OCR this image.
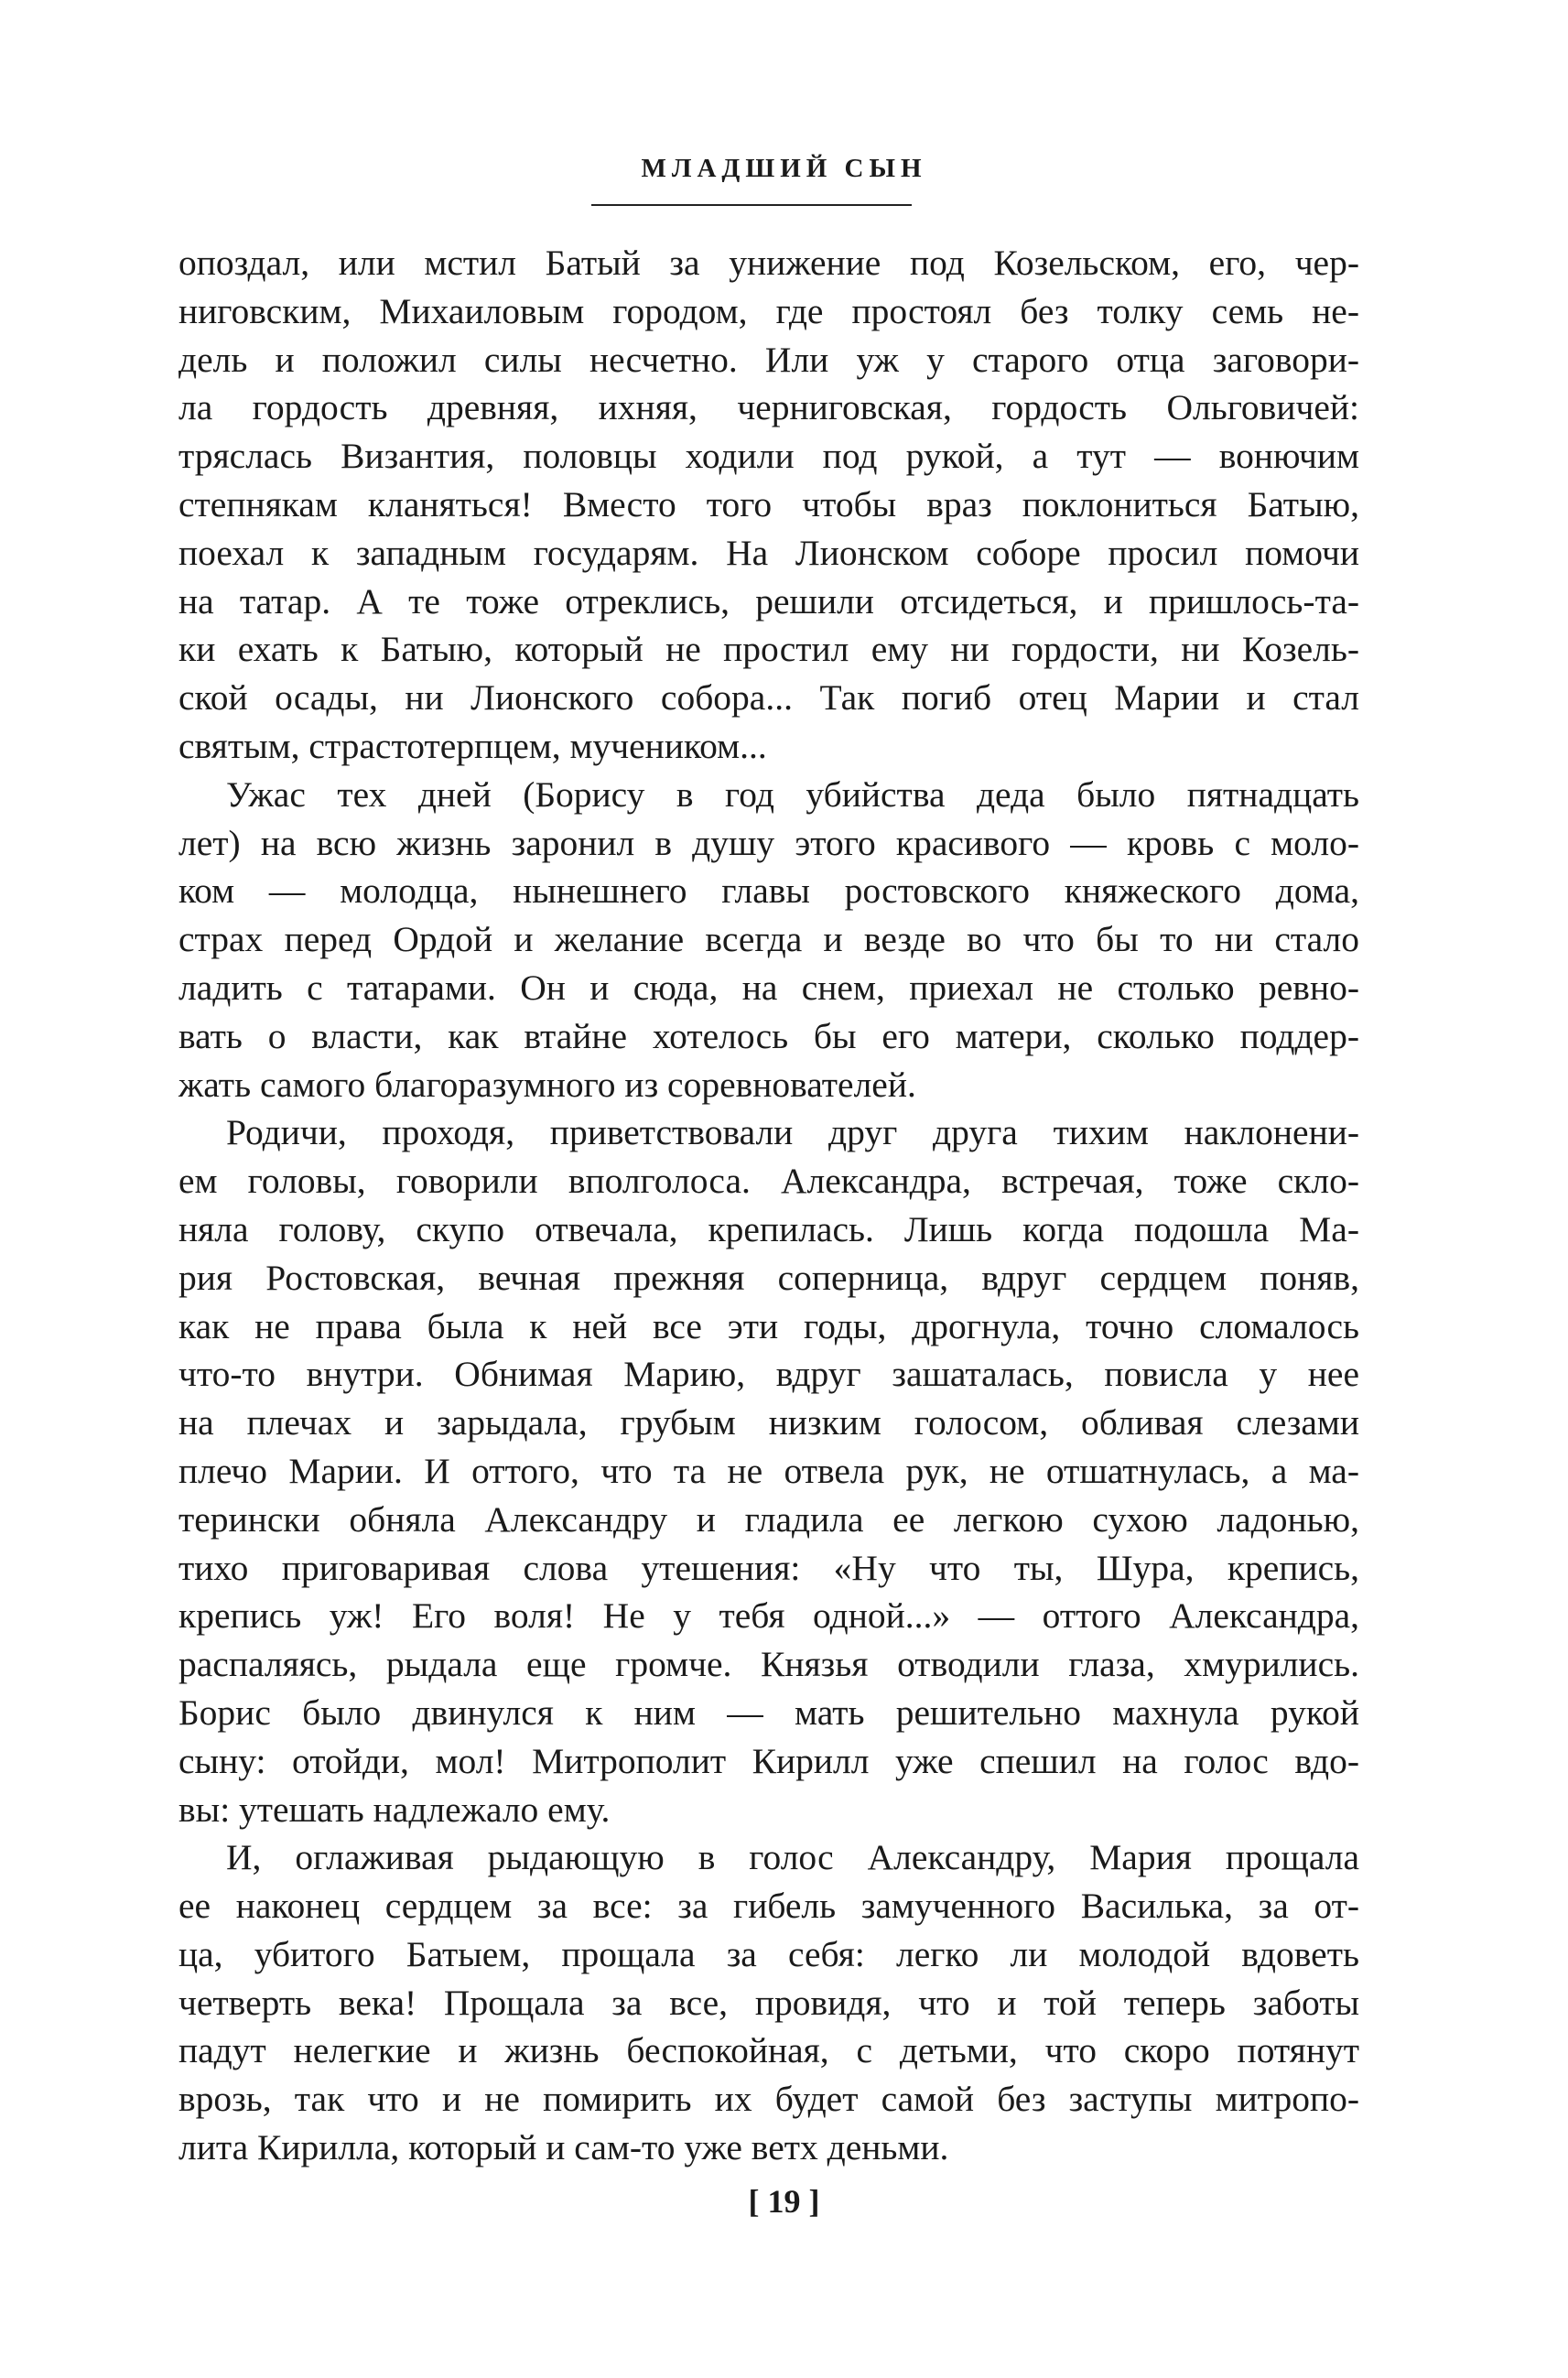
МЛАДШИЙ СЫН
опоздал, или мстил Батый за унижение под Козельском, его, чер-
ниговским, Михаиловым городом, где простоял без толку семь не-
дель и положил силы несчетно. Или уж у старого отца заговори-
ла гордость древняя, ихняя, черниговская, гордость Ольговичей:
тряслась Византия, половцы ходили под рукой, а тут — вонючим
степнякам кланяться! Вместо того чтобы враз поклониться Батыю,
поехал к западным государям. На Лионском соборе просил помочи
на татар. А те тоже отреклись, решили отсидеться, и пришлось-та-
ки ехать к Батыю, который не простил ему ни гордости, ни Козель-
ской осады, ни Лионского собора... Так погиб отец Марии и стал
святым, страстотерпцем, мучеником...
Ужас тех дней (Борису в год убийства деда было пятнадцать
лет) на всю жизнь заронил в душу этого красивого — кровь с моло-
ком — молодца, нынешнего главы ростовского княжеского дома,
страх перед Ордой и желание всегда и везде во что бы то ни стало
ладить с татарами. Он и сюда, на снем, приехал не столько ревно-
вать о власти, как втайне хотелось бы его матери, сколько поддер-
жать самого благоразумного из соревнователей.
Родичи, проходя, приветствовали друг друга тихим наклонени-
ем головы, говорили вполголоса. Александра, встречая, тоже скло-
няла голову, скупо отвечала, крепилась. Лишь когда подошла Ма-
рия Ростовская, вечная прежняя соперница, вдруг сердцем поняв,
как не права была к ней все эти годы, дрогнула, точно сломалось
что-то внутри. Обнимая Марию, вдруг зашаталась, повисла у нее
на плечах и зарыдала, грубым низким голосом, обливая слезами
плечо Марии. И оттого, что та не отвела рук, не отшатнулась, а ма-
терински обняла Александру и гладила ее легкою сухою ладонью,
тихо приговаривая слова утешения: «Ну что ты, Шура, крепись,
крепись уж! Его воля! Не у тебя одной...» — оттого Александра,
распаляясь, рыдала еще громче. Князья отводили глаза, хмурились.
Борис было двинулся к ним — мать решительно махнула рукой
сыну: отойди, мол! Митрополит Кирилл уже спешил на голос вдо-
вы: утешать надлежало ему.
И, оглаживая рыдающую в голос Александру, Мария прощала
ее наконец сердцем за все: за гибель замученного Василька, за от-
ца, убитого Батыем, прощала за себя: легко ли молодой вдоветь
четверть века! Прощала за все, провидя, что и той теперь заботы
падут нелегкие и жизнь беспокойная, с детьми, что скоро потянут
врозь, так что и не помирить их будет самой без заступы митропо-
лита Кирилла, который и сам-то уже ветх деньми.
[ 19 ]
